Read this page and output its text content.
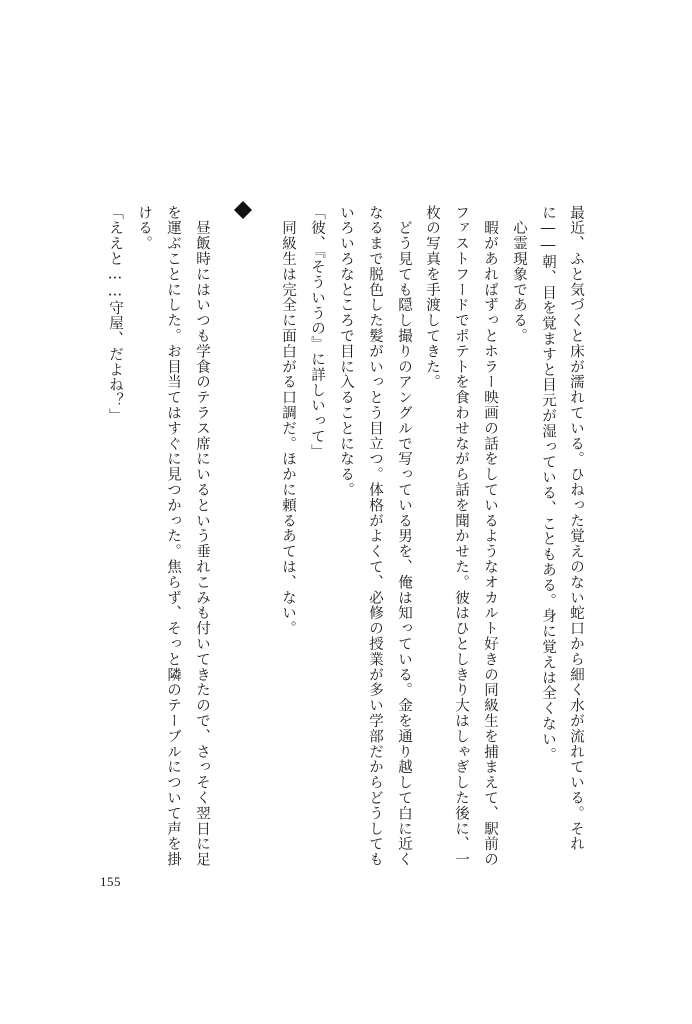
最近、ふと気づくと床が濡れている。ひねった覚えのない蛇口から細く水が流れている。それ
に――朝、目を覚ますと目元が湿っている、こともある。身に覚えは全くない。
　心霊現象である。
　暇があればずっとホラー映画の話をしているようなオカルト好きの同級生を捕まえて、駅前の
ファストフードでポテトを食わせながら話を聞かせた。彼はひとしきり大はしゃぎした後に、一
枚の写真を手渡してきた。
　どう見ても隠し撮りのアングルで写っている男を、俺は知っている。金を通り越して白に近く
なるまで脱色した髪がいっとう目立つ。体格がよくて、必修の授業が多い学部だからどうしても
いろいろなところで目に入ることになる。
「彼、『そういうの』に詳しいって」
　同級生は完全に面白がる口調だ。ほかに頼るあては、ない。
　昼飯時にはいつも学食のテラス席にいるという垂れこみも付いてきたので、さっそく翌日に足
を運ぶことにした。お目当てはすぐに見つかった。焦らず、そっと隣のテーブルについて声を掛
ける。
「ええと……守屋、だよね？」
155
